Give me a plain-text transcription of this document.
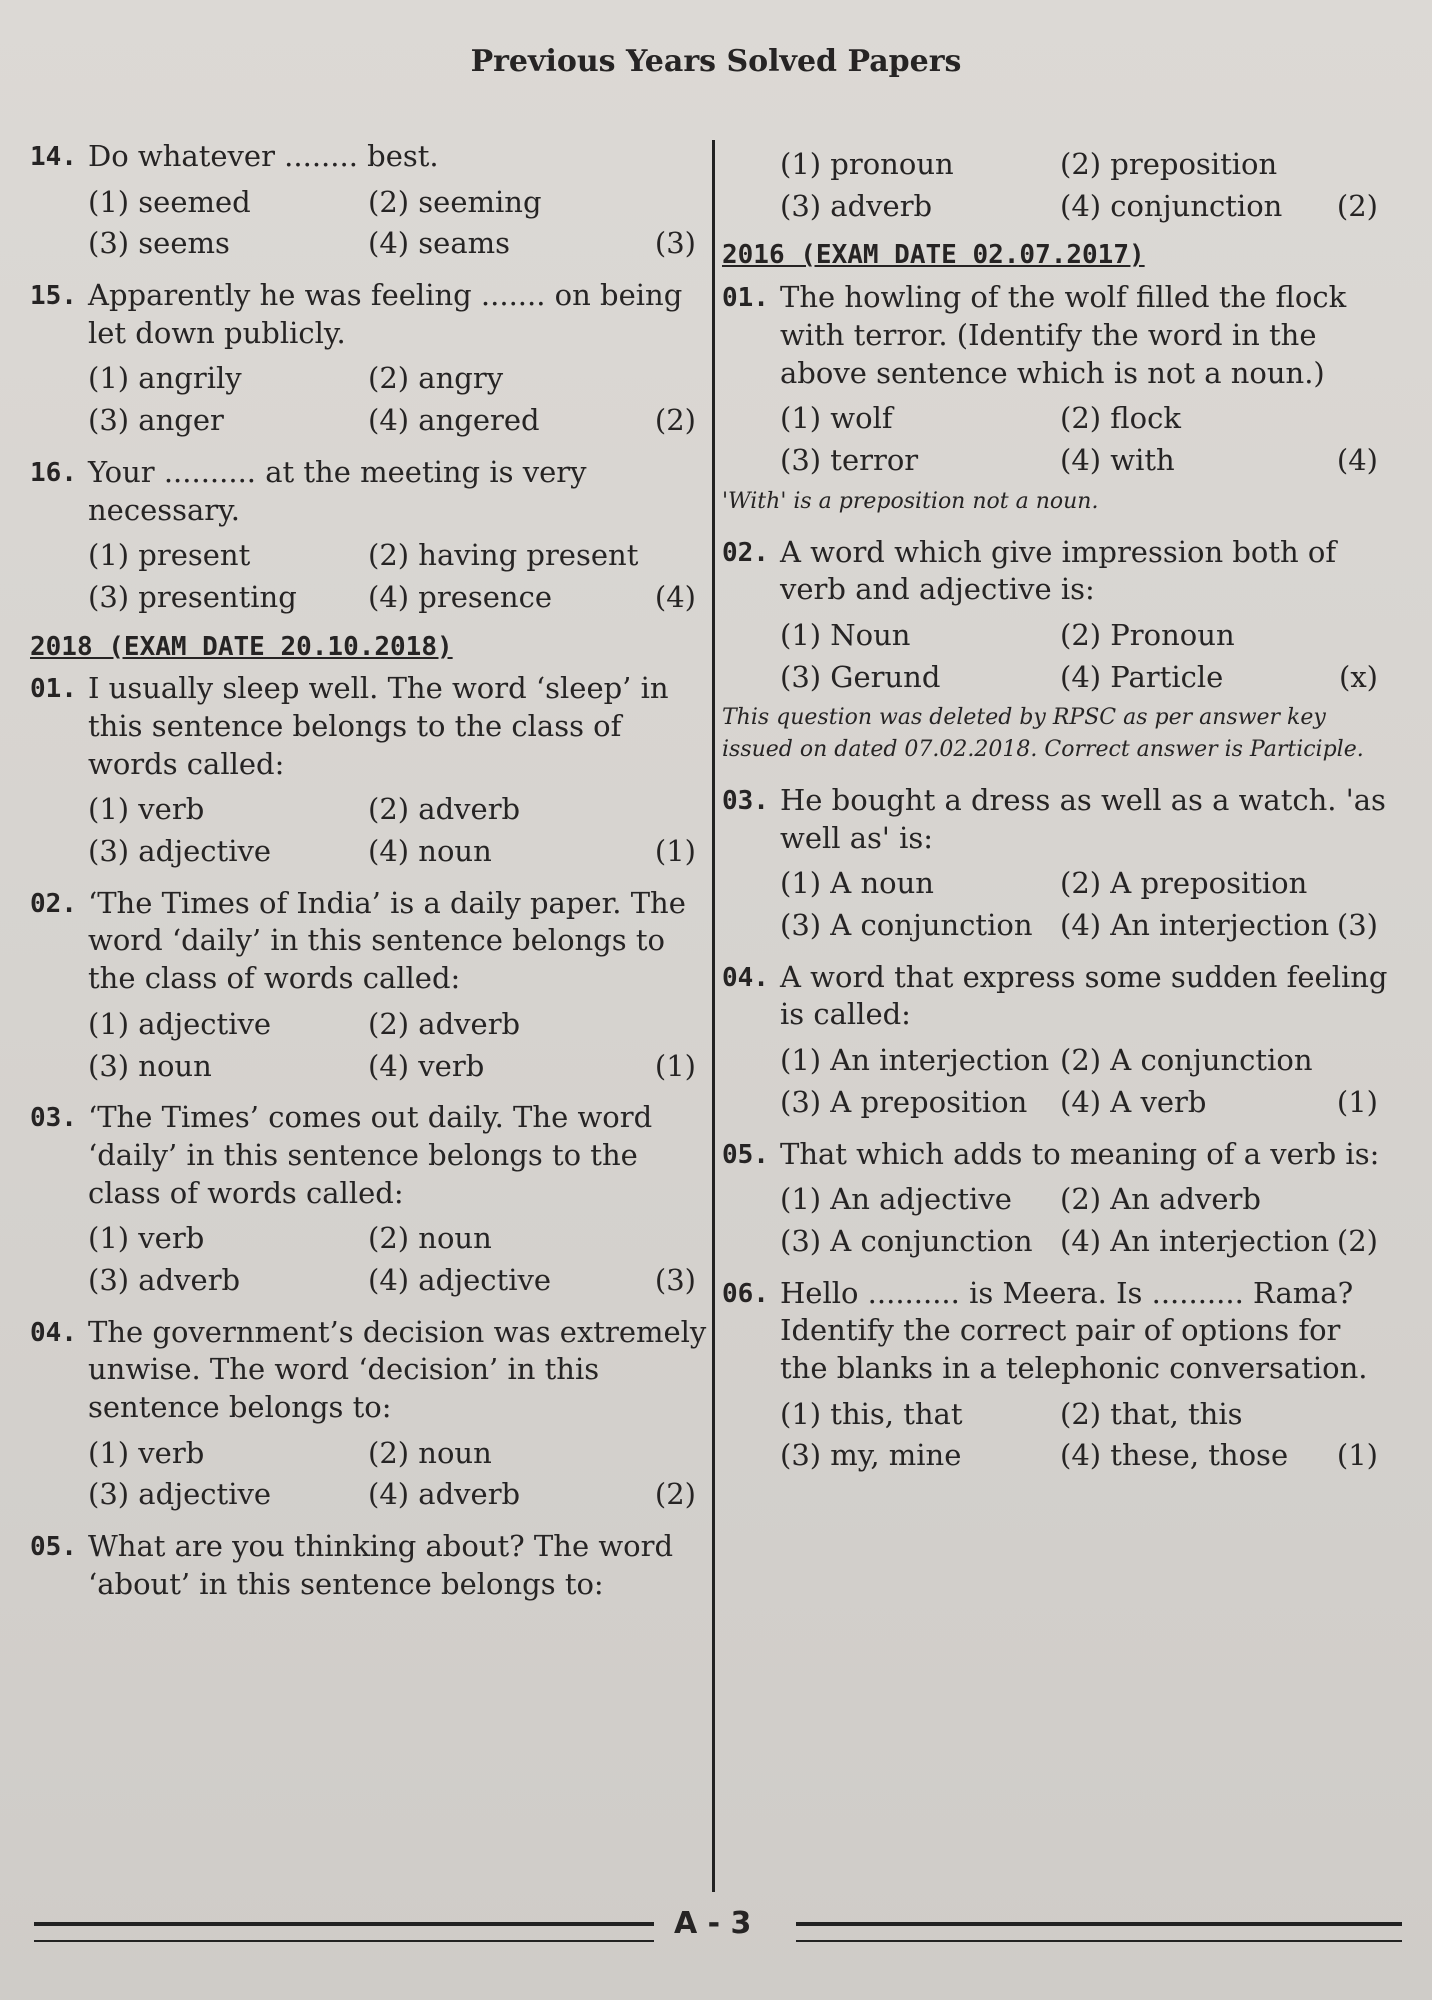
Previous Years Solved Papers
14. Do whatever ........ best.
(1) seemed	(2) seeming
(3) seems	(4) seams	(3)
15. Apparently he was feeling ....... on being let down publicly.
(1) angrily	(2) angry
(3) anger	(4) angered	(2)
16. Your .......... at the meeting is very necessary.
(1) present	(2) having present
(3) presenting	(4) presence	(4)
2018 (EXAM DATE 20.10.2018)
01. I usually sleep well. The word ‘sleep’ in this sentence belongs to the class of words called:
(1) verb	(2) adverb
(3) adjective	(4) noun	(1)
02. ‘The Times of India’ is a daily paper. The word ‘daily’ in this sentence belongs to the class of words called:
(1) adjective	(2) adverb
(3) noun	(4) verb	(1)
03. ‘The Times’ comes out daily. The word ‘daily’ in this sentence belongs to the class of words called:
(1) verb	(2) noun
(3) adverb	(4) adjective	(3)
04. The government’s decision was extremely unwise. The word ‘decision’ in this sentence belongs to:
(1) verb	(2) noun
(3) adjective	(4) adverb	(2)
05. What are you thinking about? The word ‘about’ in this sentence belongs to:
(1) pronoun	(2) preposition
(3) adverb	(4) conjunction	(2)
2016 (EXAM DATE 02.07.2017)
01. The howling of the wolf filled the flock with terror. (Identify the word in the above sentence which is not a noun.)
(1) wolf	(2) flock
(3) terror	(4) with	(4)
'With' is a preposition not a noun.
02. A word which give impression both of verb and adjective is:
(1) Noun	(2) Pronoun
(3) Gerund	(4) Particle	(x)
This question was deleted by RPSC as per answer key issued on dated 07.02.2018. Correct answer is Participle.
03. He bought a dress as well as a watch. 'as well as' is:
(1) A noun	(2) A preposition
(3) A conjunction (4) An interjection (3)
04. A word that express some sudden feeling is called:
(1) An interjection (2) A conjunction
(3) A preposition	(4) A verb	(1)
05. That which adds to meaning of a verb is:
(1) An adjective	(2) An adverb
(3) A conjunction (4) An interjection (2)
06. Hello .......... is Meera. Is .......... Rama? Identify the correct pair of options for the blanks in a telephonic conversation.
(1) this, that	(2) that, this
(3) my, mine	(4) these, those	(1)
A - 3
